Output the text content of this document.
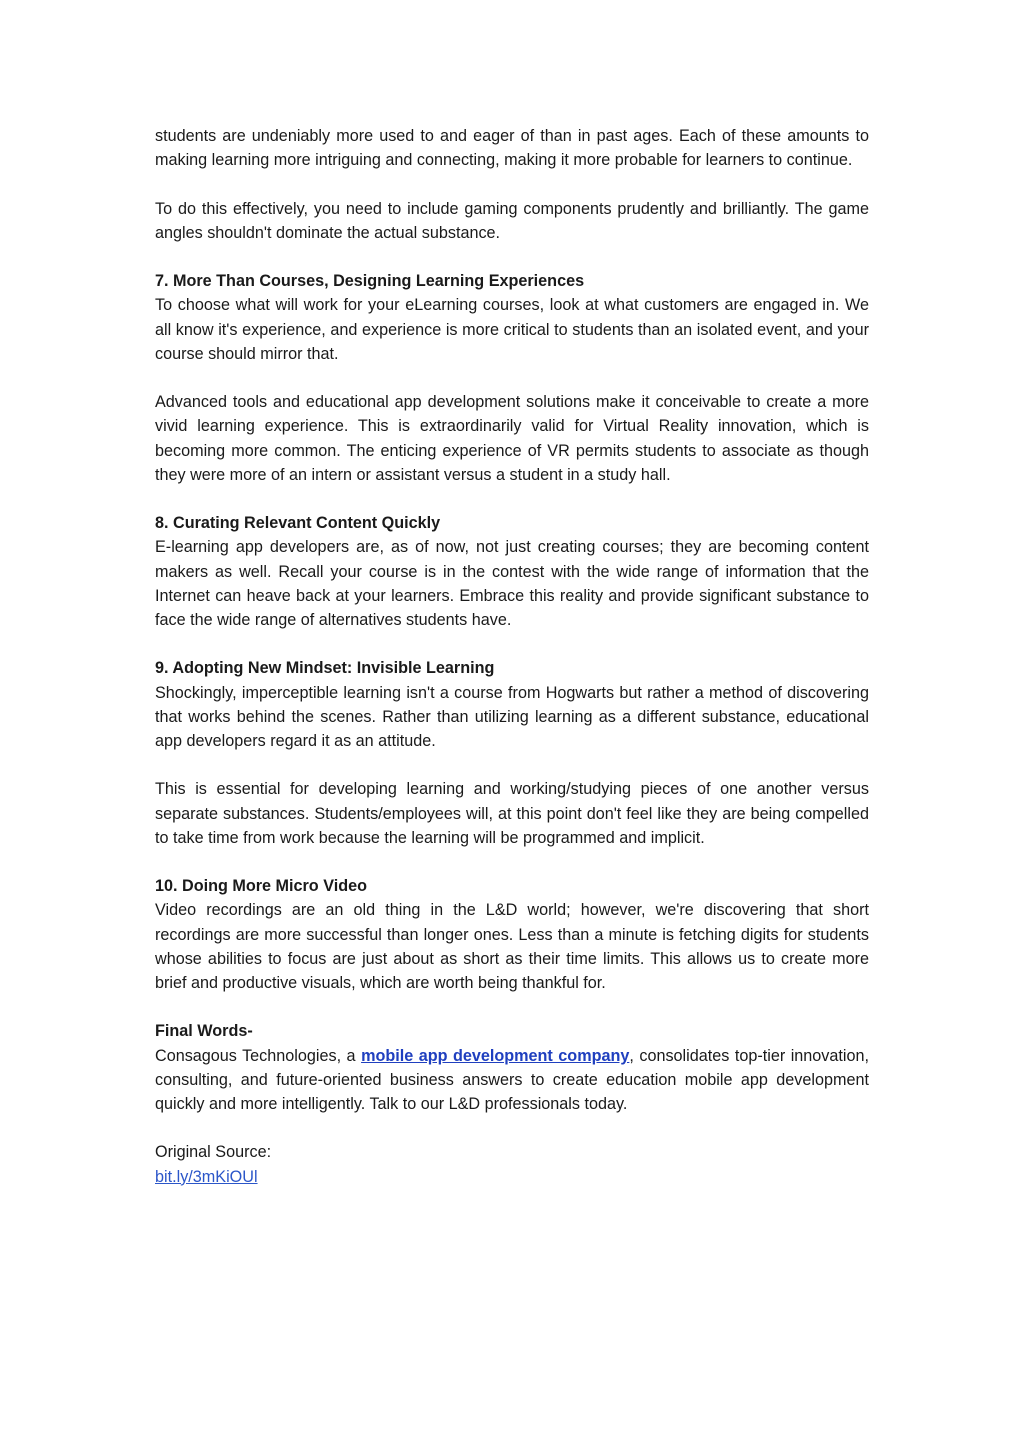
students are undeniably more used to and eager of than in past ages. Each of these amounts to making learning more intriguing and connecting, making it more probable for learners to continue.

To do this effectively, you need to include gaming components prudently and brilliantly. The game angles shouldn't dominate the actual substance.

7. More Than Courses, Designing Learning Experiences

To choose what will work for your eLearning courses, look at what customers are engaged in. We all know it's experience, and experience is more critical to students than an isolated event, and your course should mirror that.

Advanced tools and educational app development solutions make it conceivable to create a more vivid learning experience. This is extraordinarily valid for Virtual Reality innovation, which is becoming more common. The enticing experience of VR permits students to associate as though they were more of an intern or assistant versus a student in a study hall.

8. Curating Relevant Content Quickly

E-learning app developers are, as of now, not just creating courses; they are becoming content makers as well. Recall your course is in the contest with the wide range of information that the Internet can heave back at your learners. Embrace this reality and provide significant substance to face the wide range of alternatives students have.

9. Adopting New Mindset: Invisible Learning

Shockingly, imperceptible learning isn't a course from Hogwarts but rather a method of discovering that works behind the scenes. Rather than utilizing learning as a different substance, educational app developers regard it as an attitude.

This is essential for developing learning and working/studying pieces of one another versus separate substances. Students/employees will, at this point don't feel like they are being compelled to take time from work because the learning will be programmed and implicit.

10. Doing More Micro Video

Video recordings are an old thing in the L&D world; however, we're discovering that short recordings are more successful than longer ones. Less than a minute is fetching digits for students whose abilities to focus are just about as short as their time limits. This allows us to create more brief and productive visuals, which are worth being thankful for.

Final Words-

Consagous Technologies, a mobile app development company, consolidates top-tier innovation, consulting, and future-oriented business answers to create education mobile app development quickly and more intelligently. Talk to our L&D professionals today.

Original Source:

bit.ly/3mKiOUl
